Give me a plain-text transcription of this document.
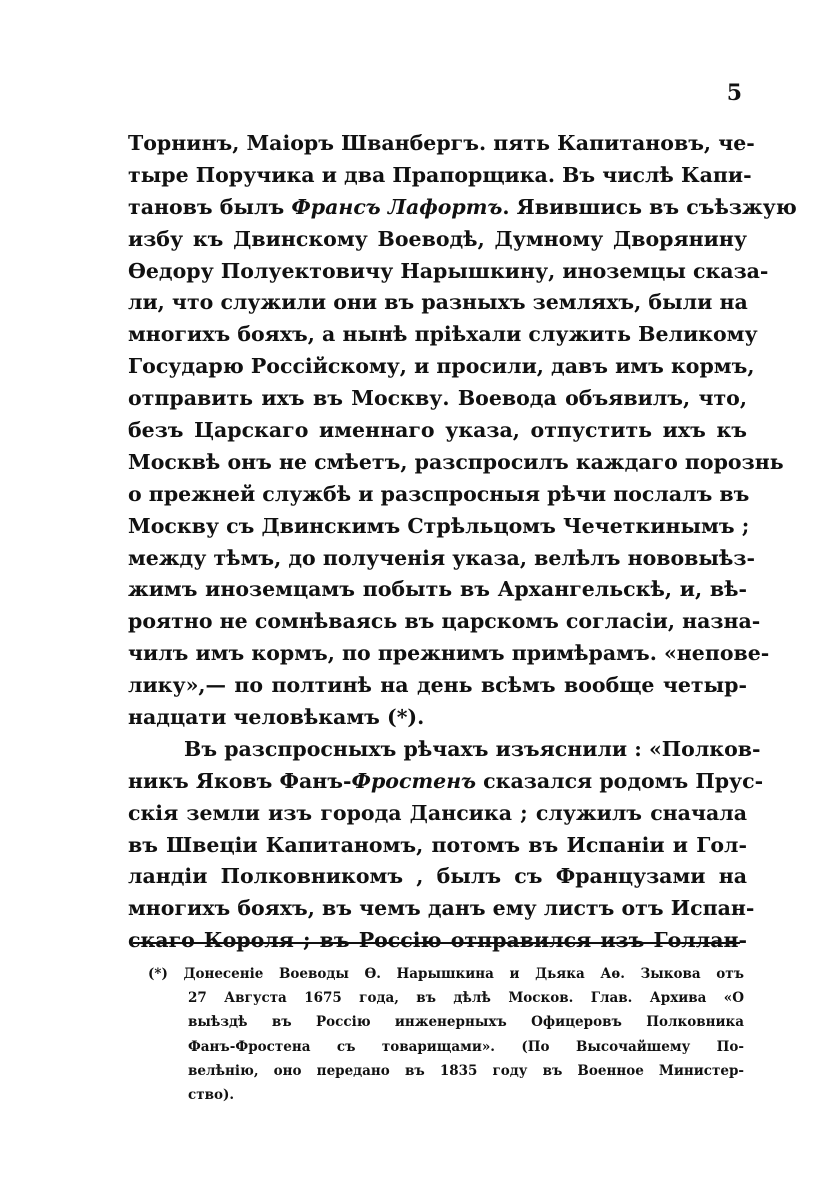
5
Торнинъ, Маіоръ Шванбергъ. пять Капитановъ, че-
тыре Поручика и два Прапорщика. Въ числѣ Капи-
тановъ былъ Франсъ Лафортъ. Явившись въ съѣзжую
избу къ Двинскому Воеводѣ, Думному Дворянину
Ѳедору Полуектовичу Нарышкину, иноземцы сказа-
ли, что служили они въ разныхъ земляхъ, были на
многихъ бояхъ, а нынѣ пріѣхали служить Великому
Государю Россійскому, и просили, давъ имъ кормъ,
отправить ихъ въ Москву. Воевода объявилъ, что,
безъ Царскаго именнаго указа, отпустить ихъ къ
Москвѣ онъ не смѣетъ, разспросилъ каждаго порознь
о прежней службѣ и разспросныя рѣчи послалъ въ
Москву съ Двинскимъ Стрѣльцомъ Чечеткинымъ ;
между тѣмъ, до полученія указа, велѣлъ нововыѣз-
жимъ иноземцамъ побыть въ Архангельскѣ, и, вѣ-
роятно не сомнѣваясь въ царскомъ согласіи, назна-
чилъ имъ кормъ, по прежнимъ примѣрамъ. «непове-
лику»,— по полтинѣ на день всѣмъ вообще четыр-
надцати человѣкамъ (*).
Въ разспросныхъ рѣчахъ изъяснили : «Полков-
никъ Яковъ Фанъ-Фростенъ сказался родомъ Прус-
скія земли изъ города Дансика ; служилъ сначала
въ Швеціи Капитаномъ, потомъ въ Испаніи и Гол-
ландіи Полковникомъ , былъ съ Французами на
многихъ бояхъ, въ чемъ данъ ему листъ отъ Испан-
скаго Короля ; въ Россію отправился изъ Голлан-
(*) Донесеніе Воеводы Ѳ. Нарышкина и Дьяка Аѳ. Зыкова отъ
27 Августа 1675 года, въ дѣлѣ Москов. Глав. Архива «О
выѣздѣ въ Россію инженерныхъ Офицеровъ Полковника
Фанъ-Фростена съ товарищами». (По Высочайшему По-
велѣнію, оно передано въ 1835 году въ Военное Министер-
ство).
